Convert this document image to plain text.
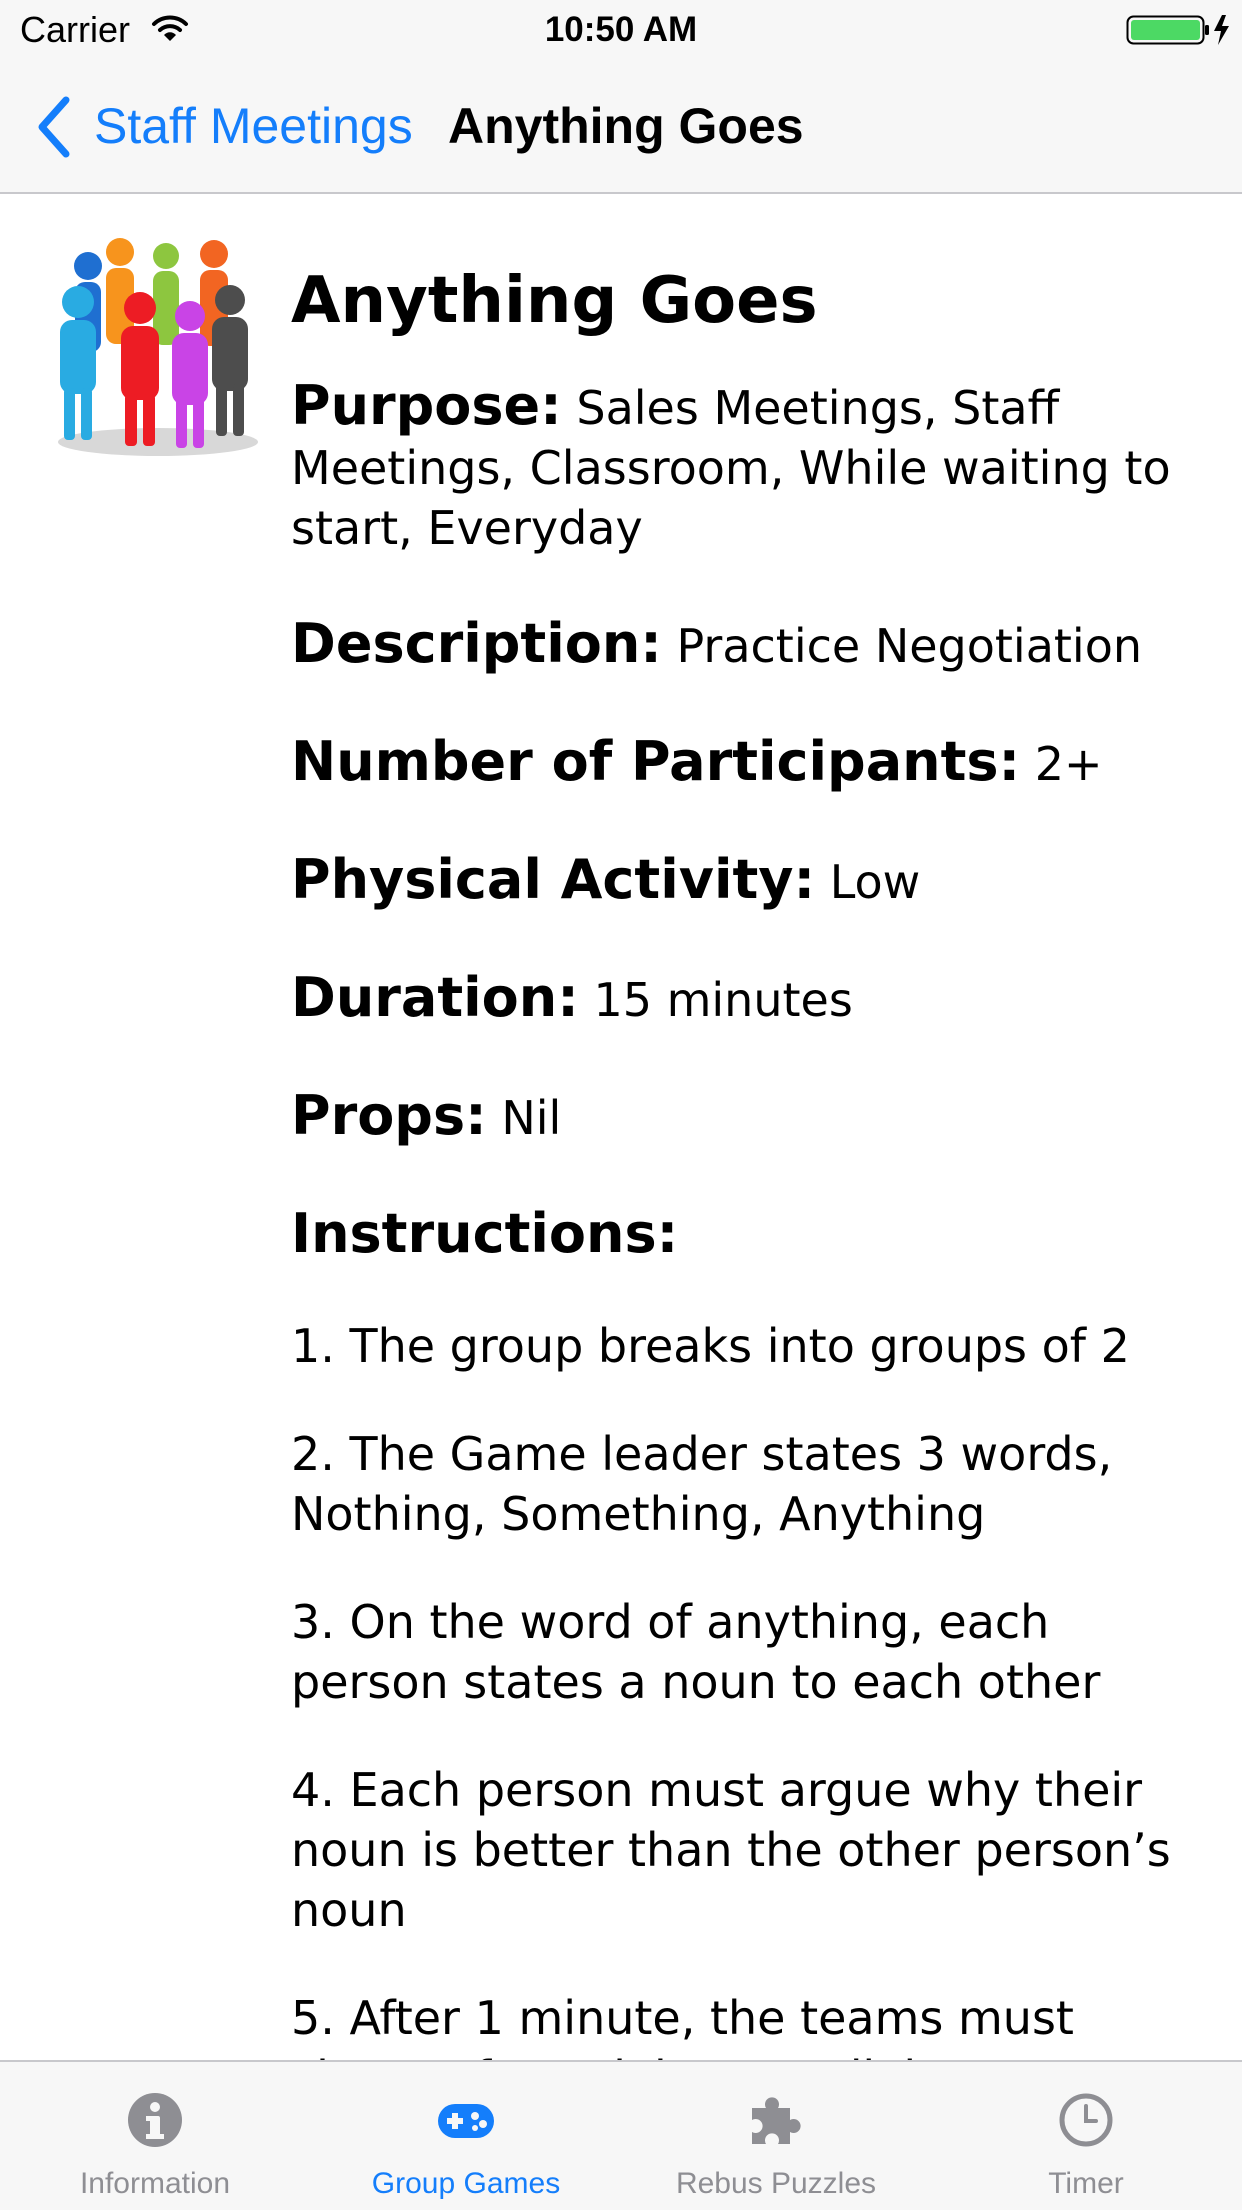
Carrier	10:50 AM
Staff Meetings Anything Goes
Anything Goes
Purpose: Sales Meetings, Staff Meetings, Classroom, While waiting to start, Everyday
Description: Practice Negotiation
Number of Participants: 2+
Physical Activity: Low
Duration: 15 minutes
Props: Nil
Instructions:
1. The group breaks into groups of 2
2. The Game leader states 3 words, Nothing, Something, Anything
3. On the word of anything, each person states a noun to each other
4. Each person must argue why their noun is better than the other person’s noun
5. After 1 minute, the teams must
Information	Group Games	Rebus Puzzles	Timer
